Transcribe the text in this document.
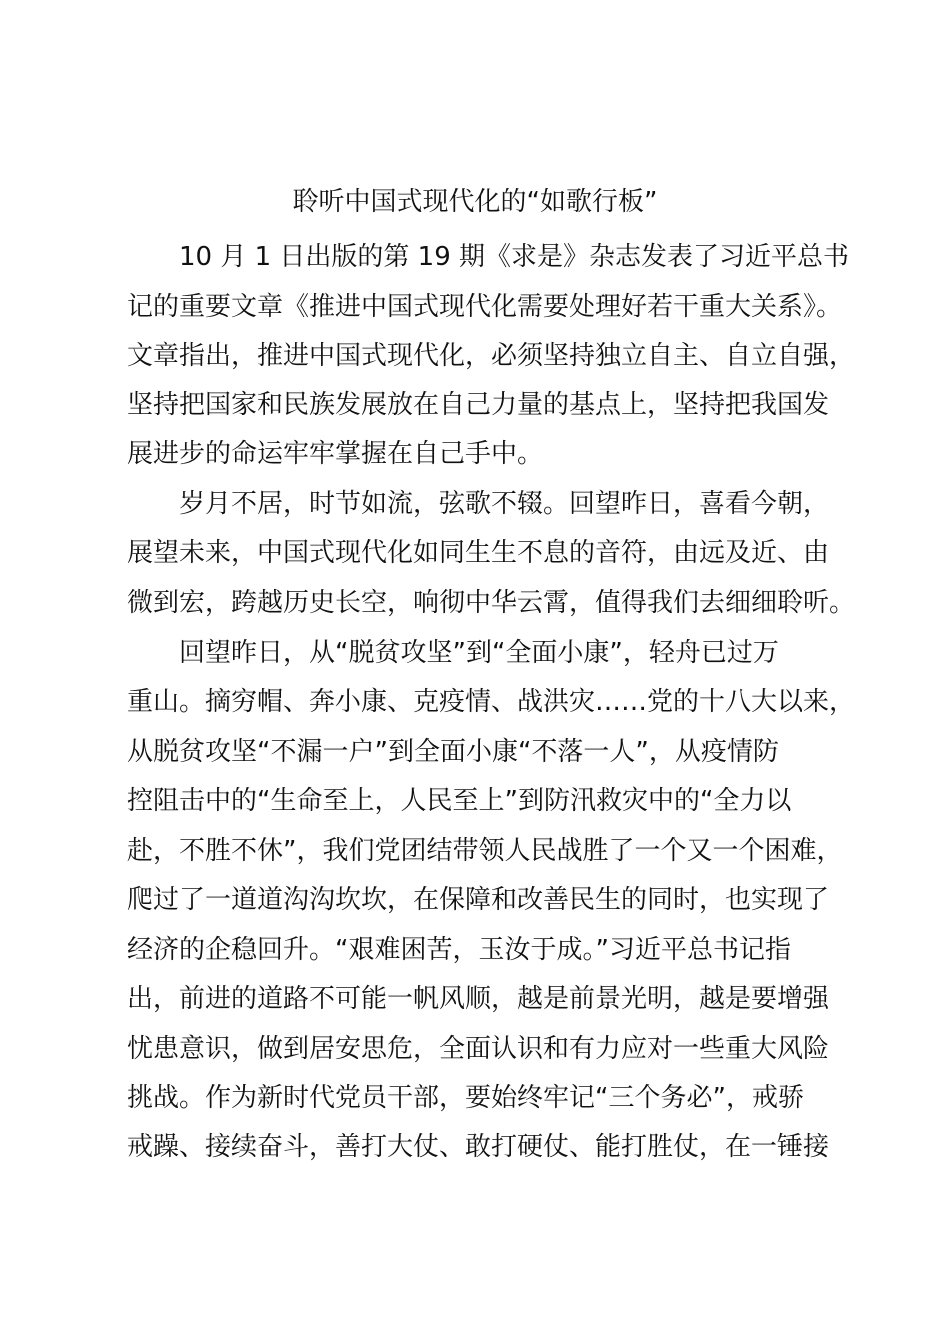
聆听中国式现代化的“如歌行板”

10 月 1 日出版的第 19 期《求是》杂志发表了习近平总书

记的重要文章《推进中国式现代化需要处理好若干重大关系》。

文章指出，推进中国式现代化，必须坚持独立自主、自立自强，

坚持把国家和民族发展放在自己力量的基点上，坚持把我国发

展进步的命运牢牢掌握在自己手中。

岁月不居，时节如流，弦歌不辍。回望昨日，喜看今朝，

展望未来，中国式现代化如同生生不息的音符，由远及近、由

微到宏，跨越历史长空，响彻中华云霄，值得我们去细细聆听。

回望昨日，从“脱贫攻坚”到“全面小康”，轻舟已过万

重山。摘穷帽、奔小康、克疫情、战洪灾……党的十八大以来，

从脱贫攻坚“不漏一户”到全面小康“不落一人”，从疫情防

控阻击中的“生命至上，人民至上”到防汛救灾中的“全力以

赴，不胜不休”，我们党团结带领人民战胜了一个又一个困难，

爬过了一道道沟沟坎坎，在保障和改善民生的同时，也实现了

经济的企稳回升。“艰难困苦，玉汝于成。”习近平总书记指

出，前进的道路不可能一帆风顺，越是前景光明，越是要增强

忧患意识，做到居安思危，全面认识和有力应对一些重大风险

挑战。作为新时代党员干部，要始终牢记“三个务必”，戒骄

戒躁、接续奋斗，善打大仗、敢打硬仗、能打胜仗，在一锤接
